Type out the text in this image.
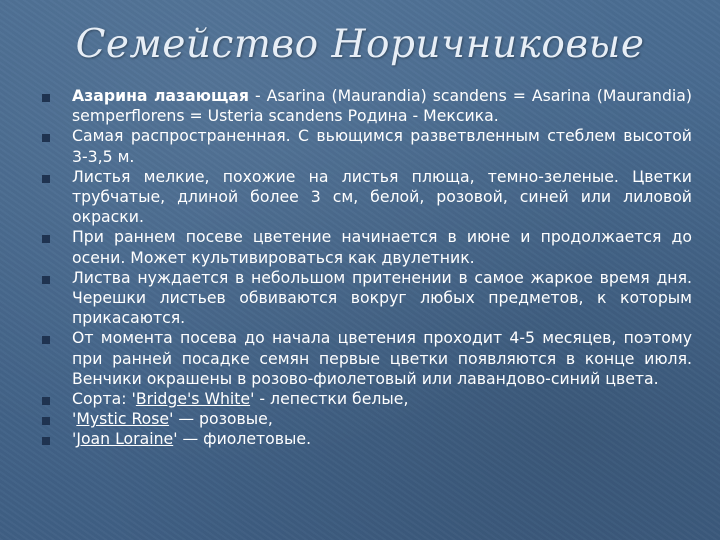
Семейство Норичниковые
Азарина лазающая - Asarina (Maurandia) scandens = Asarina (Maurandia) semperflorens = Usteria scandens Родина - Мексика.
Самая распространенная. С вьющимся разветвленным стеблем высотой 3-3,5 м.
Листья мелкие, похожие на листья плюща, темно-зеленые. Цветки трубчатые, длиной более 3 см, белой, розовой, синей или лиловой окраски.
При раннем посеве цветение начинается в июне и продолжается до осени. Может культивироваться как двулетник.
Листва нуждается в небольшом притенении в самое жаркое время дня. Черешки листьев обвиваются вокруг любых предметов, к которым прикасаются.
От момента посева до начала цветения проходит 4-5 месяцев, поэтому при ранней посадке семян первые цветки появляются в конце июля. Венчики окрашены в розово-фиолетовый или лавандово-синий цвета.
Сорта: 'Bridge's White' - лепестки белые,
'Mystic Rose' — розовые,
'Joan Loraine' — фиолетовые.
